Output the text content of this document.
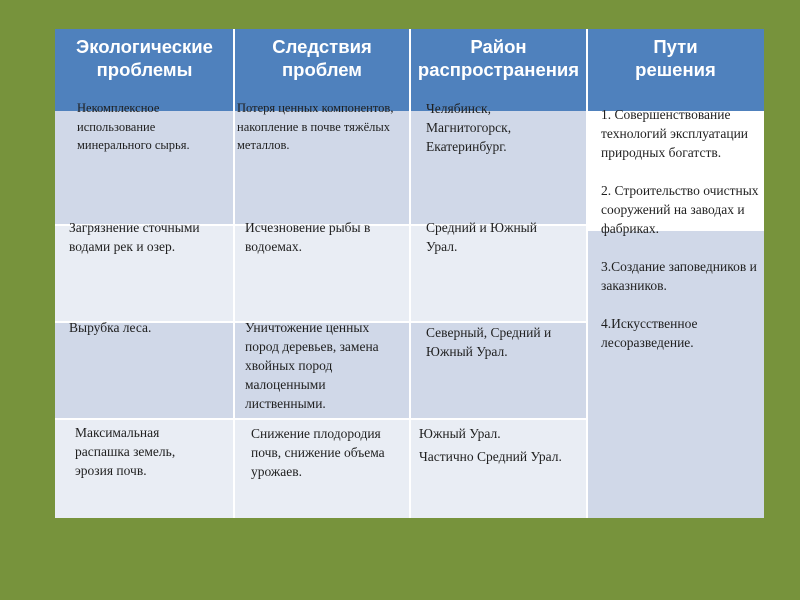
Экологические проблемы
Следствия проблем
Район распространения
Пути решения
Некомплексное использование минерального сырья.
Потеря ценных компонентов, накопление в почве тяжёлых металлов.
Челябинск, Магнитогорск, Екатеринбург.
Загрязнение сточными водами рек и озер.
Исчезновение рыбы в водоемах.
Средний и Южный Урал.
Вырубка леса.	Уничтожение ценных пород деревьев, замена хвойных пород малоценными лиственными.
Северный, Средний и Южный Урал.
Максимальная распашка земель, эрозия почв.
Снижение плодородия почв, снижение объема урожаев.
Южный Урал.
Частично Средний Урал.
1. Совершенствование технологий эксплуатации природных богатств.

2. Строительство очистных сооружений на заводах и фабриках.

3.Создание заповедников и заказников.

4.Искусственное лесоразведение.
